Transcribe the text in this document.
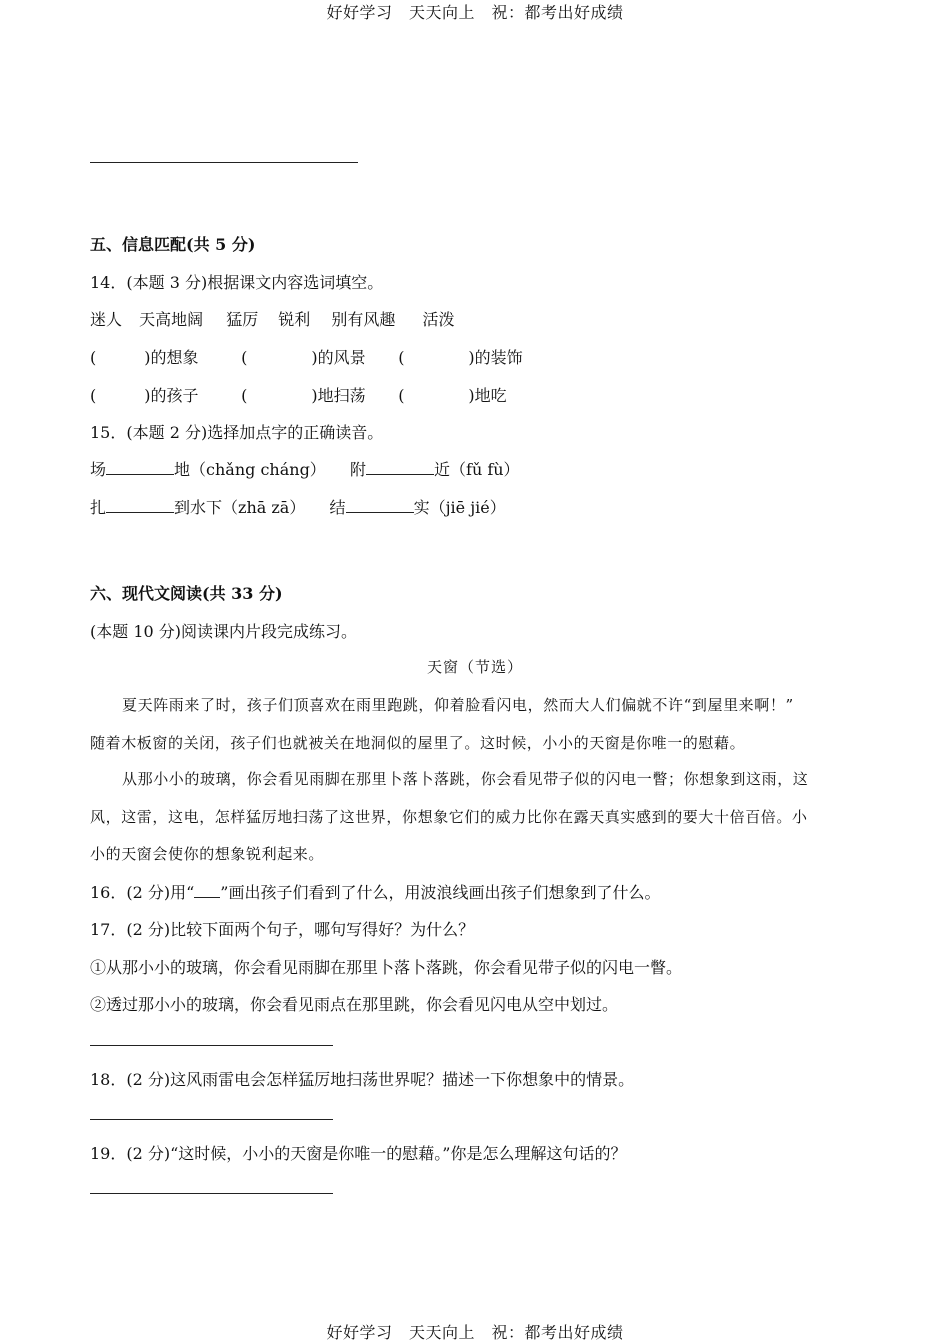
好好学习　天天向上　祝：都考出好成绩
五、信息匹配(共 5 分)
14．(本题 3 分)根据课文内容选词填空。
迷人 天高地阔 猛厉 锐利 别有风趣 活泼
(　　　)的想象	(　　　　)的风景 (　　　　)的装饰
(　　　)的孩子	(　　　　)地扫荡 (　　　　)地吃
15．(本题 2 分)选择加点字的正确读音。
场	地（chǎng cháng） 附	近（fǔ fù）
扎	到水下（zhā zā） 结	实（jiē jié）
六、现代文阅读(共 33 分)
(本题 10 分)阅读课内片段完成练习。
天窗（节选）
夏天阵雨来了时，孩子们顶喜欢在雨里跑跳，仰着脸看闪电，然而大人们偏就不许“到屋里来啊！”
随着木板窗的关闭，孩子们也就被关在地洞似的屋里了。这时候，小小的天窗是你唯一的慰藉。
从那小小的玻璃，你会看见雨脚在那里卜落卜落跳，你会看见带子似的闪电一瞥；你想象到这雨，这
风，这雷，这电，怎样猛厉地扫荡了这世界，你想象它们的威力比你在露天真实感到的要大十倍百倍。小
小的天窗会使你的想象锐利起来。
16．(2 分)用“ ”画出孩子们看到了什么，用波浪线画出孩子们想象到了什么。
17．(2 分)比较下面两个句子，哪句写得好？为什么？
①从那小小的玻璃，你会看见雨脚在那里卜落卜落跳，你会看见带子似的闪电一瞥。
②透过那小小的玻璃，你会看见雨点在那里跳，你会看见闪电从空中划过。
18．(2 分)这风雨雷电会怎样猛厉地扫荡世界呢？描述一下你想象中的情景。
19．(2 分)“这时候，小小的天窗是你唯一的慰藉。”你是怎么理解这句话的？
好好学习　天天向上　祝：都考出好成绩
